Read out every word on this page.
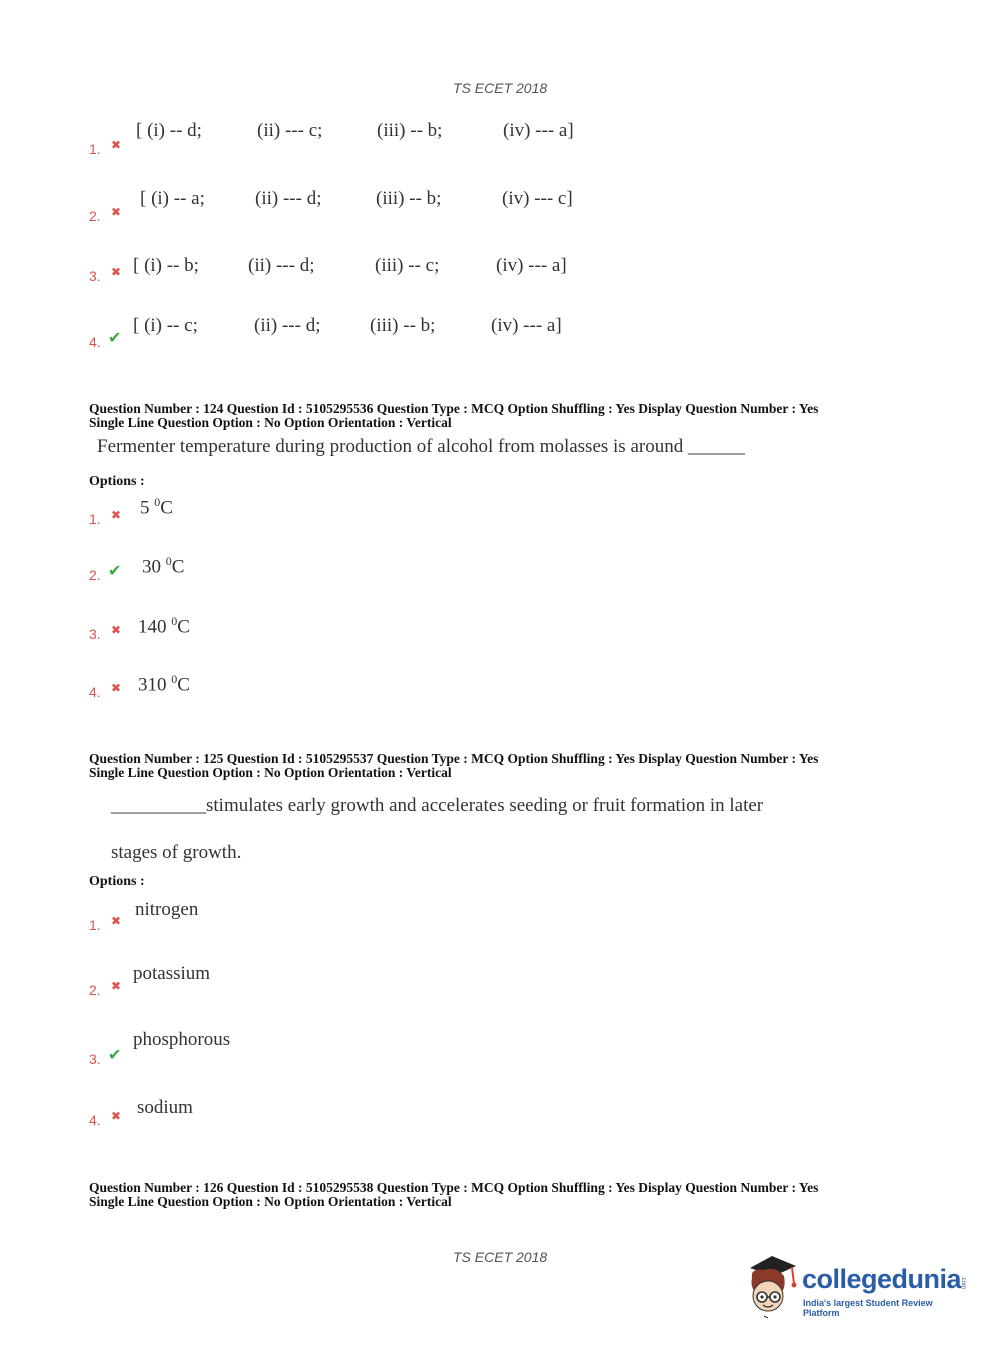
TS ECET 2018
1. ✖
[ (i) -- d;	(ii) --- c;	(iii) -- b;	(iv) --- a]
2. ✖
[ (i) -- a;	(ii) --- d;	(iii) -- b;	(iv) --- c]
3. ✖ [ (i) -- b;	(ii) --- d;	(iii) -- c;	(iv) --- a]
4. ✔
[ (i) -- c;	(ii) --- d;	(iii) -- b;	(iv) --- a]
Question Number : 124 Question Id : 5105295536 Question Type : MCQ Option Shuffling : Yes Display Question Number : Yes
Single Line Question Option : No Option Orientation : Vertical
Fermenter temperature during production of alcohol from molasses is around ______
Options :
1. ✖ 5 $^0$C
2. ✔ 30 $^0$C
3. ✖ 140 $^0$C
4. ✖ 310 $^0$C
Question Number : 125 Question Id : 5105295537 Question Type : MCQ Option Shuffling : Yes Display Question Number : Yes
Single Line Question Option : No Option Orientation : Vertical
__________stimulates early growth and accelerates seeding or fruit formation in later
stages of growth.
Options :
1. ✖
nitrogen
2. ✖
potassium
3. ✔
phosphorous
4. ✖ sodium
Question Number : 126 Question Id : 5105295538 Question Type : MCQ Option Shuffling : Yes Display Question Number : Yes
Single Line Question Option : No Option Orientation : Vertical
TS ECET 2018
collegedunia
.com
India's largest Student Review Platform
